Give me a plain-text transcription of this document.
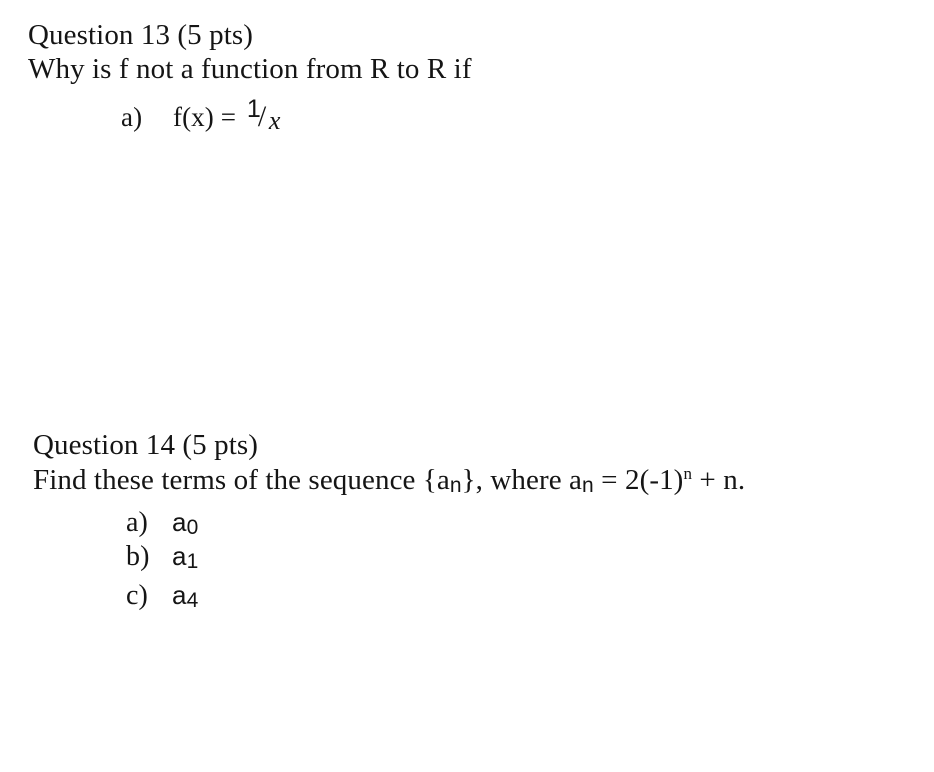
Question 13 (5 pts)
Why is f not a function from R to R if
a) f(x) = 1
/ x
Question 14 (5 pts)
Find these terms of the sequence {an}, where an = $2(-1)^n + n$.
a) a0
b) a1
c) a4
